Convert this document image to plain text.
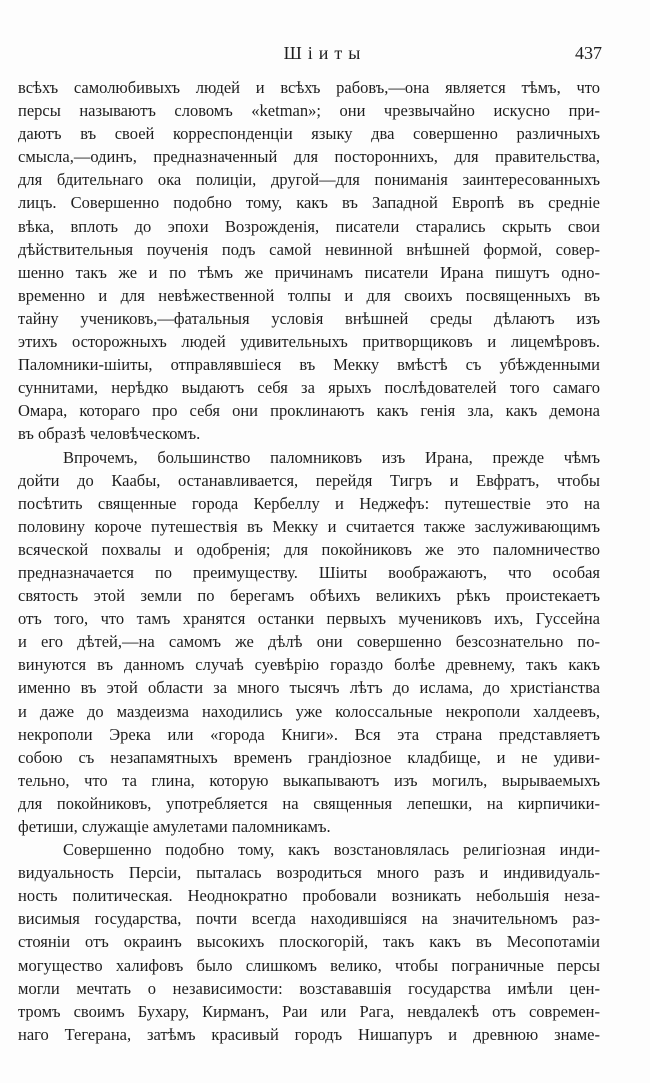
Шіиты	437
всѣхъ самолюбивыхъ людей и всѣхъ рабовъ,—она является тѣмъ, что
персы называютъ словомъ «ketman»; они чрезвычайно искусно при-
даютъ въ своей корреспонденціи языку два совершенно различныхъ
смысла,—одинъ, предназначенный для постороннихъ, для правительства,
для бдительнаго ока полиціи, другой—для пониманія заинтересованныхъ
лицъ. Совершенно подобно тому, какъ въ Западной Европѣ въ средніе
вѣка, вплоть до эпохи Возрожденія, писатели старались скрыть свои
дѣйствительныя поученія подъ самой невинной внѣшней формой, совер-
шенно такъ же и по тѣмъ же причинамъ писатели Ирана пишутъ одно-
временно и для невѣжественной толпы и для своихъ посвященныхъ въ
тайну учениковъ,—фатальныя условія внѣшней среды дѣлаютъ изъ
этихъ осторожныхъ людей удивительныхъ притворщиковъ и лицемѣровъ.
Паломники-шіиты, отправлявшіеся въ Мекку вмѣстѣ съ убѣжденными
суннитами, нерѣдко выдаютъ себя за ярыхъ послѣдователей того самаго
Омара, котораго про себя они проклинаютъ какъ генія зла, какъ демона
въ образѣ человѣческомъ.
Впрочемъ, большинство паломниковъ изъ Ирана, прежде чѣмъ
дойти до Каабы, останавливается, перейдя Тигръ и Евфратъ, чтобы
посѣтить священные города Кербеллу и Неджефъ: путешествіе это на
половину короче путешествія въ Мекку и считается также заслуживающимъ
всяческой похвалы и одобренія; для покойниковъ же это паломничество
предназначается по преимуществу. Шіиты воображаютъ, что особая
святость этой земли по берегамъ обѣихъ великихъ рѣкъ проистекаетъ
отъ того, что тамъ хранятся останки первыхъ мучениковъ ихъ, Гуссейна
и его дѣтей,—на самомъ же дѣлѣ они совершенно безсознательно по-
винуются въ данномъ случаѣ суевѣрію гораздо болѣе древнему, такъ какъ
именно въ этой области за много тысячъ лѣтъ до ислама, до христіанства
и даже до маздеизма находились уже колоссальные некрополи халдеевъ,
некрополи Эрека или «города Книги». Вся эта страна представляетъ
собою съ незапамятныхъ временъ грандіозное кладбище, и не удиви-
тельно, что та глина, которую выкапываютъ изъ могилъ, вырываемыхъ
для покойниковъ, употребляется на священныя лепешки, на кирпичики-
фетиши, служащіе амулетами паломникамъ.
Совершенно подобно тому, какъ возстановлялась религіозная инди-
видуальность Персіи, пыталась возродиться много разъ и индивидуаль-
ность политическая. Неоднократно пробовали возникать небольшія неза-
висимыя государства, почти всегда находившіяся на значительномъ раз-
стояніи отъ окраинъ высокихъ плоскогорій, такъ какъ въ Месопотаміи
могущество халифовъ было слишкомъ велико, чтобы пограничные персы
могли мечтать о независимости: возстававшія государства имѣли цен-
тромъ своимъ Бухару, Кирманъ, Раи или Рага, невдалекѣ отъ современ-
наго Тегерана, затѣмъ красивый городъ Нишапуръ и древнюю знаме-
